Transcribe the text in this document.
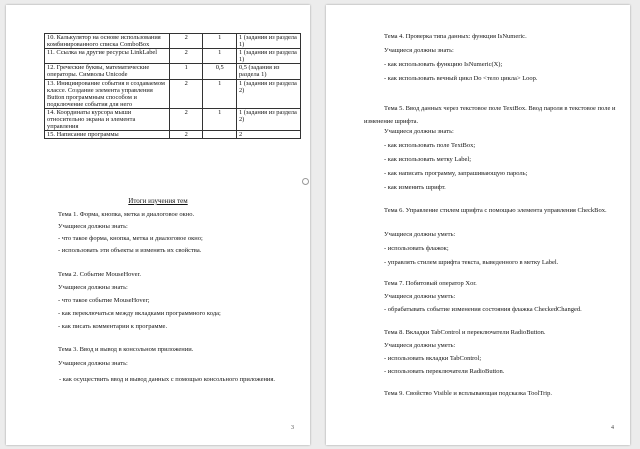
10. Калькулятор на основе использования комбинированного списка ComboBox	2	1	1 (задания из раздела 1)
11. Ссылка на другие ресурсы LinkLabel	2	1	1 (задания из раздела 1)
12. Греческие буквы, математические операторы. Символы Unicode	1	0,5	0,5 (задания из раздела 1)
13. Инициирование события в создаваемом классе. Создание элемента управления Button программным способом и подключение события для него	2	1	1 (задания из раздела 2)
14. Координаты курсора мыши относительно экрана и элемента управления	2	1	1 (задания из раздела 2)
15. Написание программы	2		2
Итоги изучения тем
Тема 1. Форма, кнопка, метка и диалоговое окно.
Учащиеся должны знать:
- что такое форма, кнопка, метка и диалоговое окно;
- использовать эти объекты и изменять их свойства.
Тема 2. Событие MouseHover.
Учащиеся должны знать:
- что такое событие MouseHover;
- как переключаться между вкладками программного кода;
- как писать комментарии к программе.
Тема 3. Ввод и вывод в консольном приложении.
Учащиеся должны знать:
- как осуществить ввод и вывод данных с помощью консольного приложения.
3
Тема 4. Проверка типа данных: функция IsNumeric.
Учащиеся должны знать:
- как использовать функцию IsNumeric(X);
- как использовать вечный цикл Do <тело цикла> Loop.
Тема 5. Ввод данных через текстовое поле TextBox. Ввод пароля в текстовое поле и изменение шрифта.
Учащиеся должны знать:
- как использовать поле TextBox;
- как использовать метку Label;
- как написать программу, запрашивающую пароль;
- как изменить шрифт.
Тема 6. Управление стилем шрифта с помощью элемента управления CheckBox.
Учащиеся должны уметь:
- использовать флажок;
- управлять стилем шрифта текста, выведенного в метку Label.
Тема 7. Побитовый оператор Xor.
Учащиеся должны уметь:
- обрабатывать событие изменения состояния флажка CheckedChanged.
Тема 8. Вкладки TabControl и переключатели RadioButton.
Учащиеся должны уметь:
- использовать вкладки TabControl;
- использовать переключатели RadioButton.
Тема 9. Свойство Visible и всплывающая подсказка ToolTrip.
4
